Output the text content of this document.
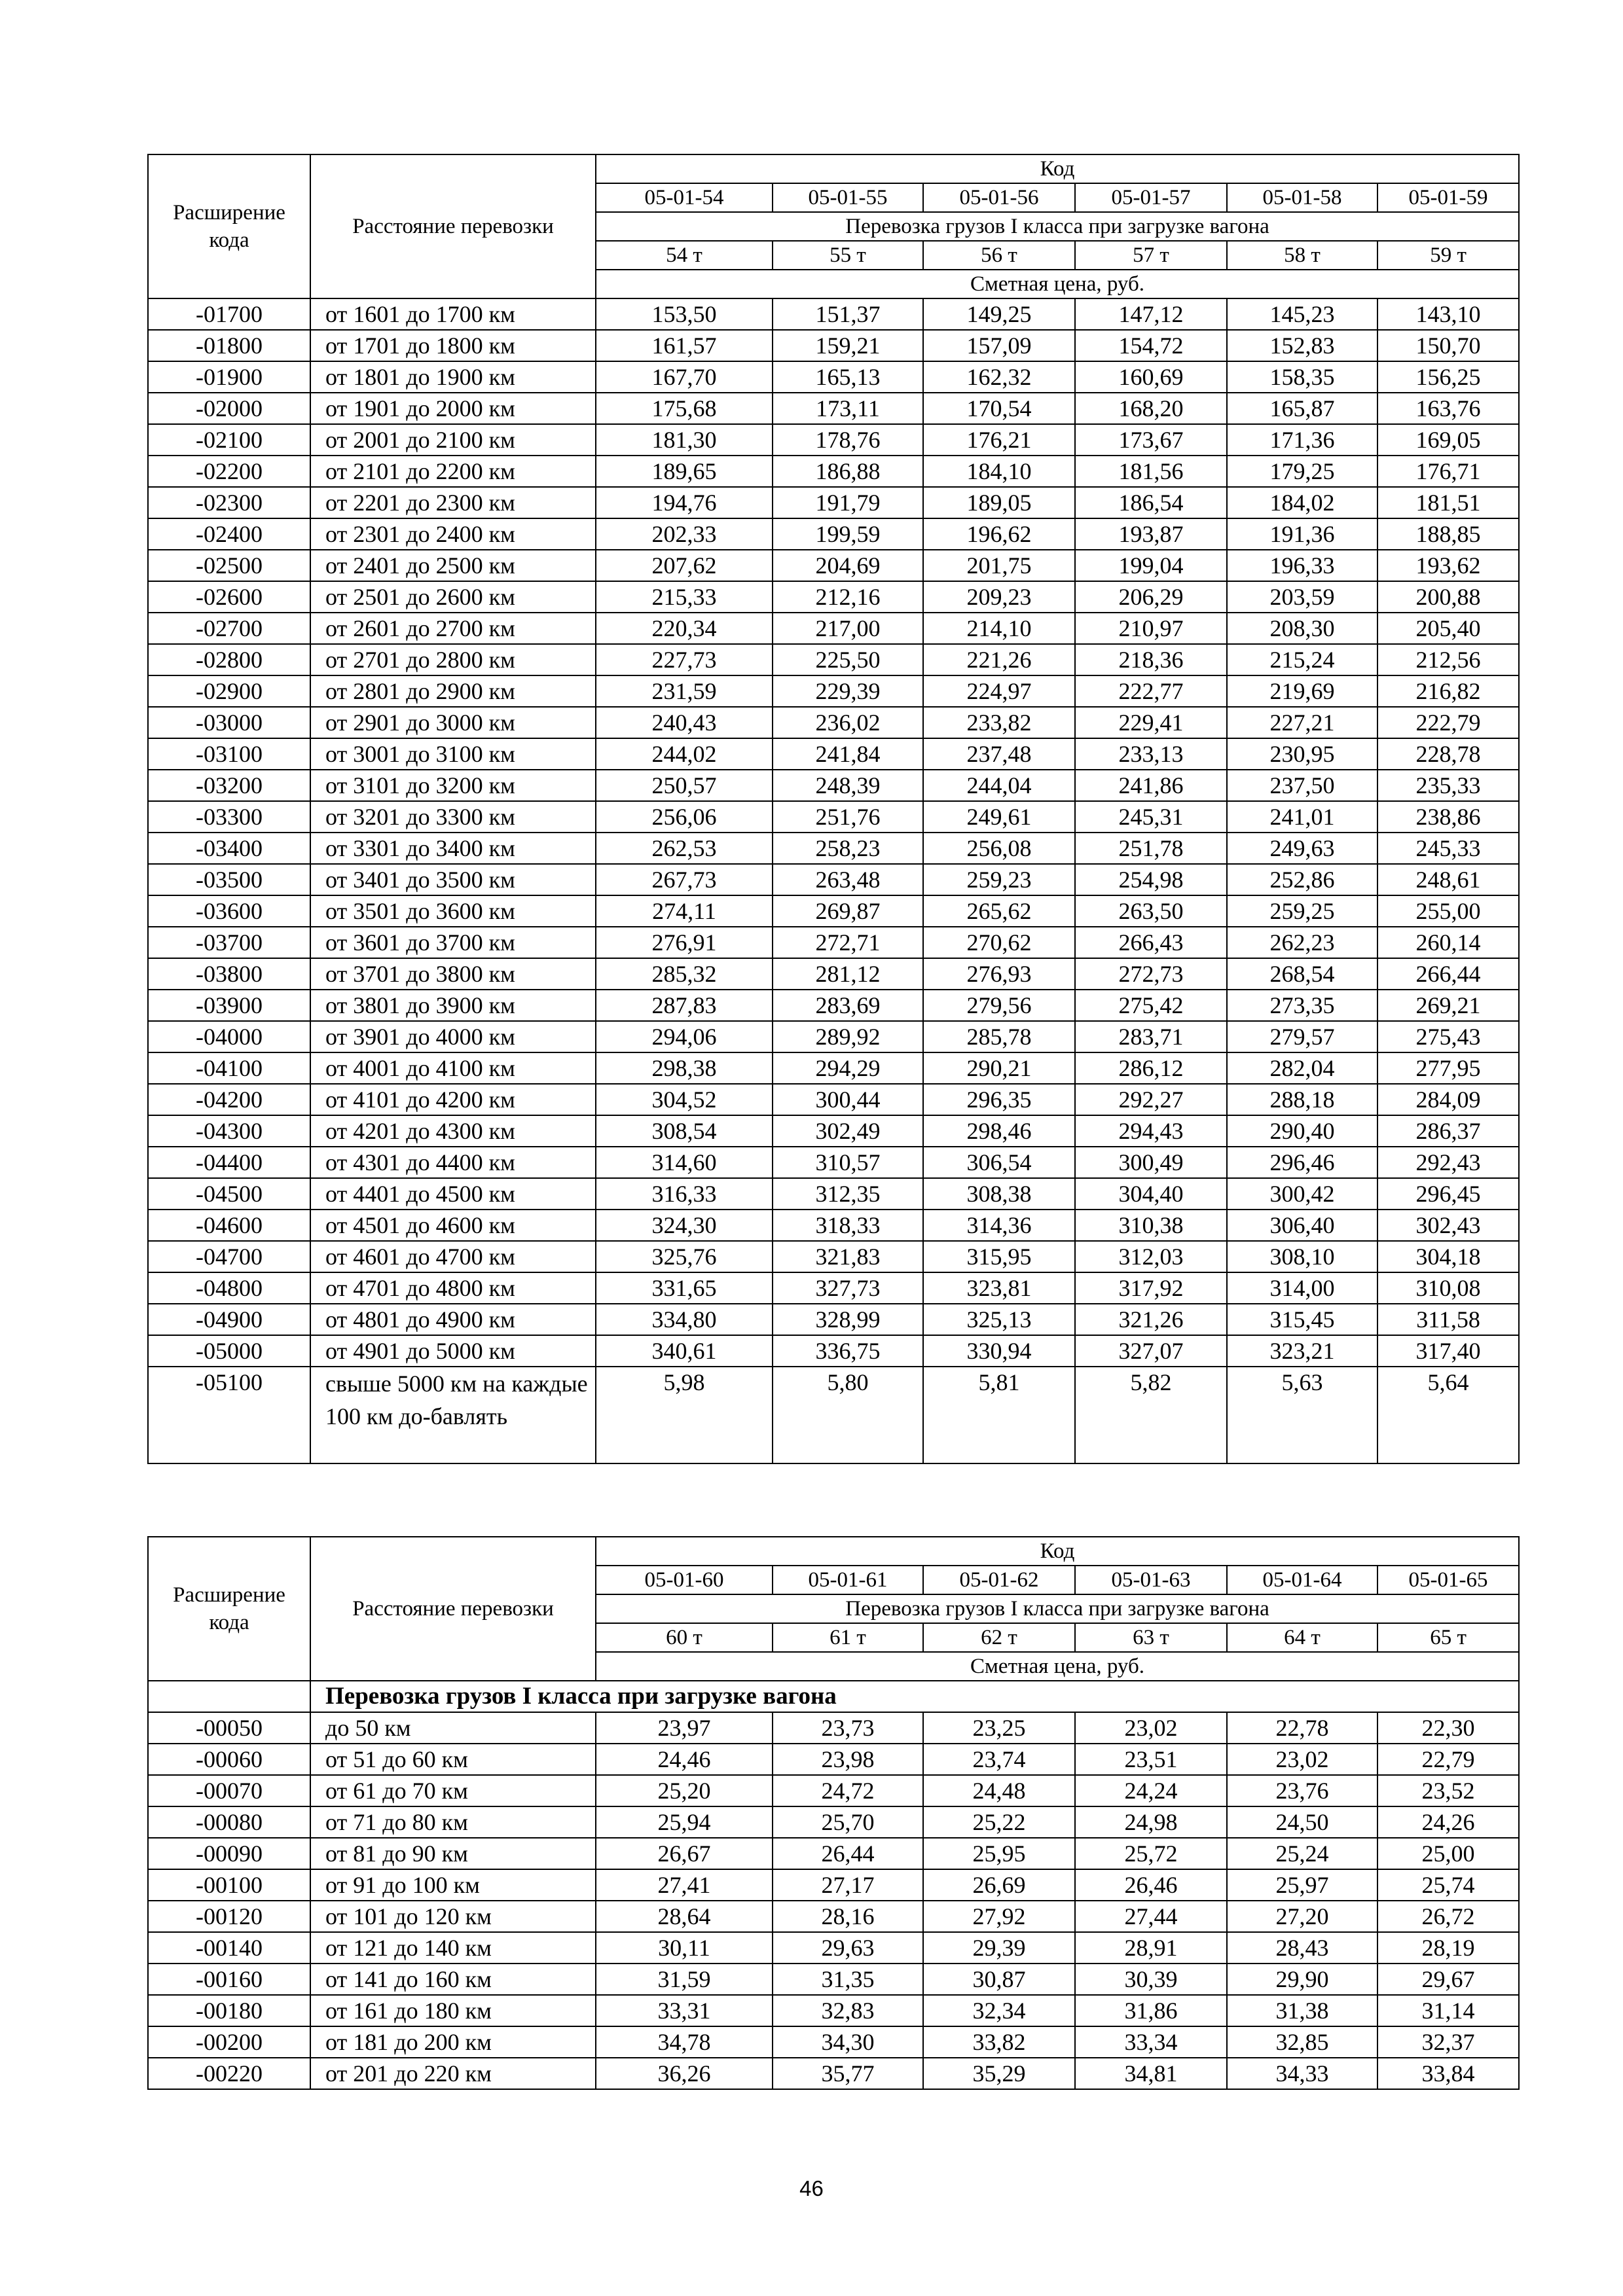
Расширение кода	Расстояние перевозки	Код					
		05-01-54	05-01-55	05-01-56	05-01-57	05-01-58	05-01-59
		Перевозка грузов I класса при загрузке вагона					
		54 т	55 т	56 т	57 т	58 т	59 т
		Сметная цена, руб.					
-01700	от 1601 до 1700 км	153,50	151,37	149,25	147,12	145,23	143,10
-01800	от 1701 до 1800 км	161,57	159,21	157,09	154,72	152,83	150,70
-01900	от 1801 до 1900 км	167,70	165,13	162,32	160,69	158,35	156,25
-02000	от 1901 до 2000 км	175,68	173,11	170,54	168,20	165,87	163,76
-02100	от 2001 до 2100 км	181,30	178,76	176,21	173,67	171,36	169,05
-02200	от 2101 до 2200 км	189,65	186,88	184,10	181,56	179,25	176,71
-02300	от 2201 до 2300 км	194,76	191,79	189,05	186,54	184,02	181,51
-02400	от 2301 до 2400 км	202,33	199,59	196,62	193,87	191,36	188,85
-02500	от 2401 до 2500 км	207,62	204,69	201,75	199,04	196,33	193,62
-02600	от 2501 до 2600 км	215,33	212,16	209,23	206,29	203,59	200,88
-02700	от 2601 до 2700 км	220,34	217,00	214,10	210,97	208,30	205,40
-02800	от 2701 до 2800 км	227,73	225,50	221,26	218,36	215,24	212,56
-02900	от 2801 до 2900 км	231,59	229,39	224,97	222,77	219,69	216,82
-03000	от 2901 до 3000 км	240,43	236,02	233,82	229,41	227,21	222,79
-03100	от 3001 до 3100 км	244,02	241,84	237,48	233,13	230,95	228,78
-03200	от 3101 до 3200 км	250,57	248,39	244,04	241,86	237,50	235,33
-03300	от 3201 до 3300 км	256,06	251,76	249,61	245,31	241,01	238,86
-03400	от 3301 до 3400 км	262,53	258,23	256,08	251,78	249,63	245,33
-03500	от 3401 до 3500 км	267,73	263,48	259,23	254,98	252,86	248,61
-03600	от 3501 до 3600 км	274,11	269,87	265,62	263,50	259,25	255,00
-03700	от 3601 до 3700 км	276,91	272,71	270,62	266,43	262,23	260,14
-03800	от 3701 до 3800 км	285,32	281,12	276,93	272,73	268,54	266,44
-03900	от 3801 до 3900 км	287,83	283,69	279,56	275,42	273,35	269,21
-04000	от 3901 до 4000 км	294,06	289,92	285,78	283,71	279,57	275,43
-04100	от 4001 до 4100 км	298,38	294,29	290,21	286,12	282,04	277,95
-04200	от 4101 до 4200 км	304,52	300,44	296,35	292,27	288,18	284,09
-04300	от 4201 до 4300 км	308,54	302,49	298,46	294,43	290,40	286,37
-04400	от 4301 до 4400 км	314,60	310,57	306,54	300,49	296,46	292,43
-04500	от 4401 до 4500 км	316,33	312,35	308,38	304,40	300,42	296,45
-04600	от 4501 до 4600 км	324,30	318,33	314,36	310,38	306,40	302,43
-04700	от 4601 до 4700 км	325,76	321,83	315,95	312,03	308,10	304,18
-04800	от 4701 до 4800 км	331,65	327,73	323,81	317,92	314,00	310,08
-04900	от 4801 до 4900 км	334,80	328,99	325,13	321,26	315,45	311,58
-05000	от 4901 до 5000 км	340,61	336,75	330,94	327,07	323,21	317,40
-05100	свыше 5000 км на каждые 100 км до-бавлять	5,98	5,80	5,81	5,82	5,63	5,64
Расширение кода	Расстояние перевозки	Код					
		05-01-60	05-01-61	05-01-62	05-01-63	05-01-64	05-01-65
		Перевозка грузов I класса при загрузке вагона					
		60 т	61 т	62 т	63 т	64 т	65 т
		Сметная цена, руб.					
	Перевозка грузов I класса при загрузке вагона						
-00050	до 50 км	23,97	23,73	23,25	23,02	22,78	22,30
-00060	от 51 до 60 км	24,46	23,98	23,74	23,51	23,02	22,79
-00070	от 61 до 70 км	25,20	24,72	24,48	24,24	23,76	23,52
-00080	от 71 до 80 км	25,94	25,70	25,22	24,98	24,50	24,26
-00090	от 81 до 90 км	26,67	26,44	25,95	25,72	25,24	25,00
-00100	от 91 до 100 км	27,41	27,17	26,69	26,46	25,97	25,74
-00120	от 101 до 120 км	28,64	28,16	27,92	27,44	27,20	26,72
-00140	от 121 до 140 км	30,11	29,63	29,39	28,91	28,43	28,19
-00160	от 141 до 160 км	31,59	31,35	30,87	30,39	29,90	29,67
-00180	от 161 до 180 км	33,31	32,83	32,34	31,86	31,38	31,14
-00200	от 181 до 200 км	34,78	34,30	33,82	33,34	32,85	32,37
-00220	от 201 до 220 км	36,26	35,77	35,29	34,81	34,33	33,84
46
